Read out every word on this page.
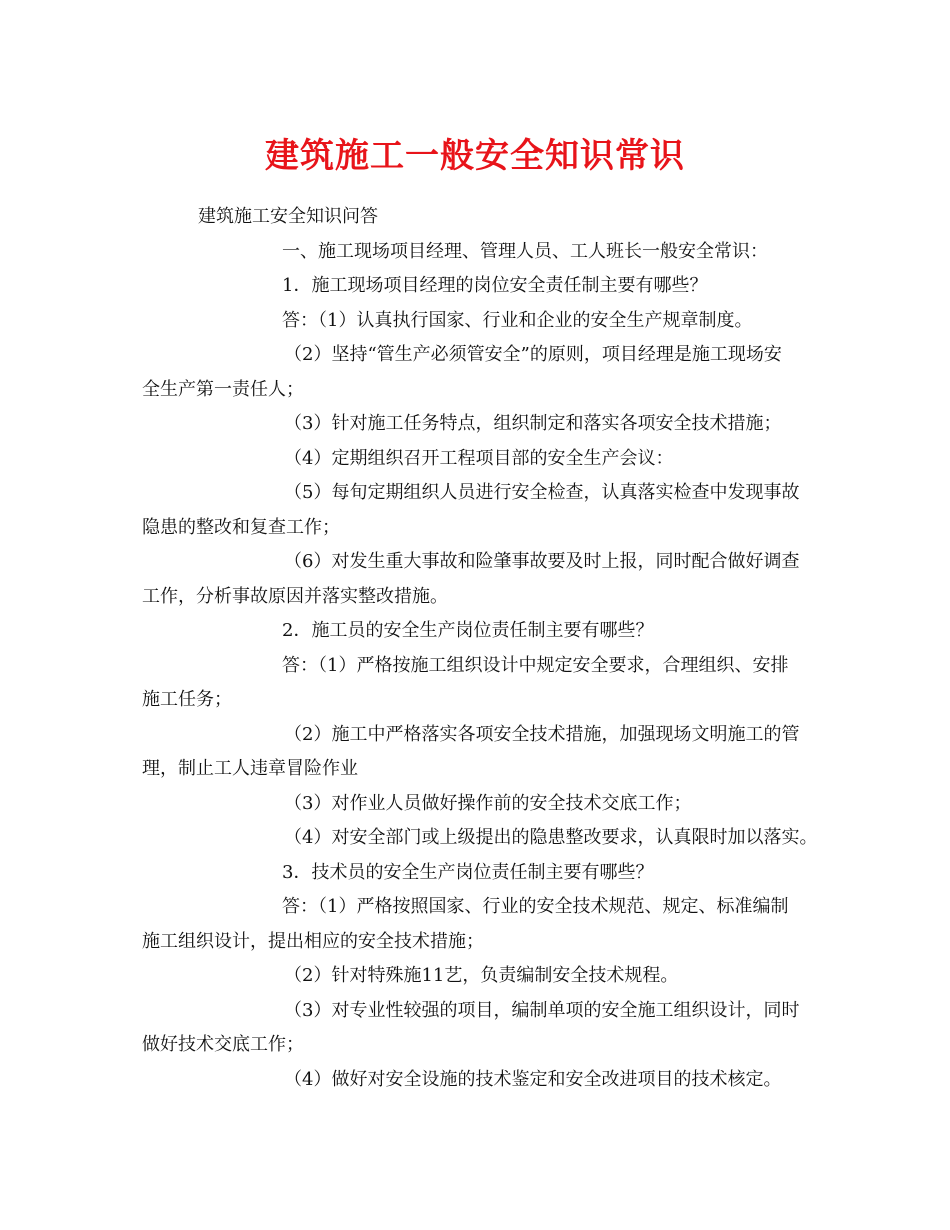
建筑施工一般安全知识常识

建筑施工安全知识问答

一、施工现场项目经理、管理人员、工人班长一般安全常识：

1．施工现场项目经理的岗位安全责任制主要有哪些？

答：（1）认真执行国家、行业和企业的安全生产规章制度。

（2）坚持“管生产必须管安全”的原则，项目经理是施工现场安

全生产第一责任人；

（3）针对施工任务特点，组织制定和落实各项安全技术措施；

（4）定期组织召开工程项目部的安全生产会议：

（5）每旬定期组织人员进行安全检查，认真落实检查中发现事故

隐患的整改和复查工作；

（6）对发生重大事故和险肇事故要及时上报，同时配合做好调查

工作，分析事故原因并落实整改措施。

2．施工员的安全生产岗位责任制主要有哪些？

答：（1）严格按施工组织设计中规定安全要求，合理组织、安排

施工任务；

（2）施工中严格落实各项安全技术措施，加强现场文明施工的管

理，制止工人违章冒险作业

（3）对作业人员做好操作前的安全技术交底工作；

（4）对安全部门或上级提出的隐患整改要求，认真限时加以落实。

3．技术员的安全生产岗位责任制主要有哪些？

答：（1）严格按照国家、行业的安全技术规范、规定、标准编制

施工组织设计，提出相应的安全技术措施；

（2）针对特殊施11艺，负责编制安全技术规程。

（3）对专业性较强的项目，编制单项的安全施工组织设计，同时

做好技术交底工作；

（4）做好对安全设施的技术鉴定和安全改进项目的技术核定。
